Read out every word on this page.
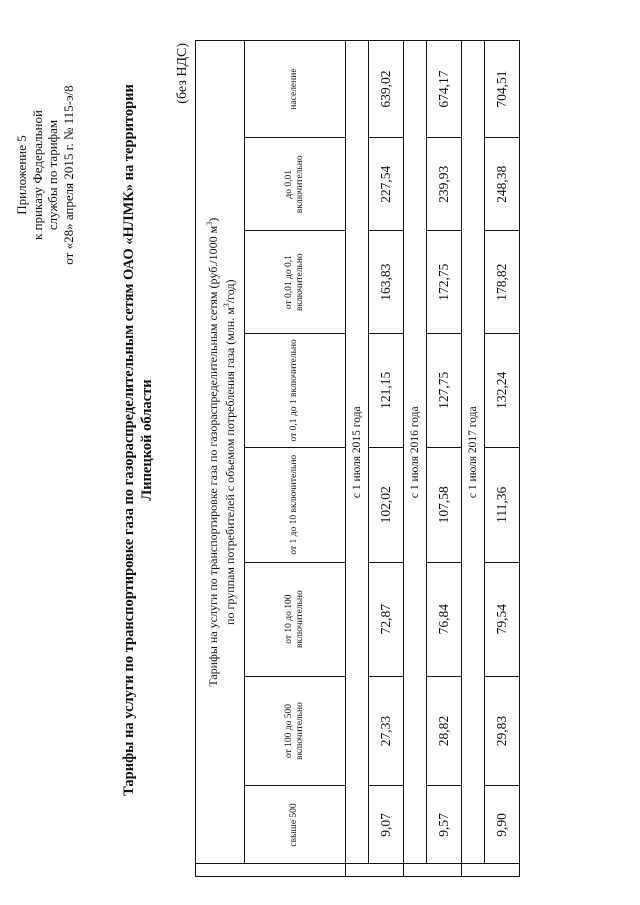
Приложение 5 к приказу Федеральной службы по тарифам от «28» апреля 2015 г. № 115-э/8	Тарифы на услуги по транспортировке газа по газораспределительным сетям ОАО «НЛМК» на территории Липецкой области
(без НДС)

	Тарифы на услуги по транспортировке газа по газораспределительным сетям (руб./1000 $м^3$)
по группам потребителей с объемом потребления газа (млн. $м^3/год$)							

	свыше 500	от 100 до 500 включительно	от 10 до 100 включительно	от 1 до 10 включительно	от 0,1 до 1 включительно	от 0,01 до 0,1 включительно	до 0,01 включительно	население
	с 1 июля 2015 года							
	9,07	27,33	72,87	102,02	121,15	163,83	227,54	639,02
	с 1 июля 2016 года							
	9,57	28,82	76,84	107,58	127,75	172,75	239,93	674,17
	с 1 июля 2017 года							
	9,90	29,83	79,54	111,36	132,24	178,82	248,38	704,51
